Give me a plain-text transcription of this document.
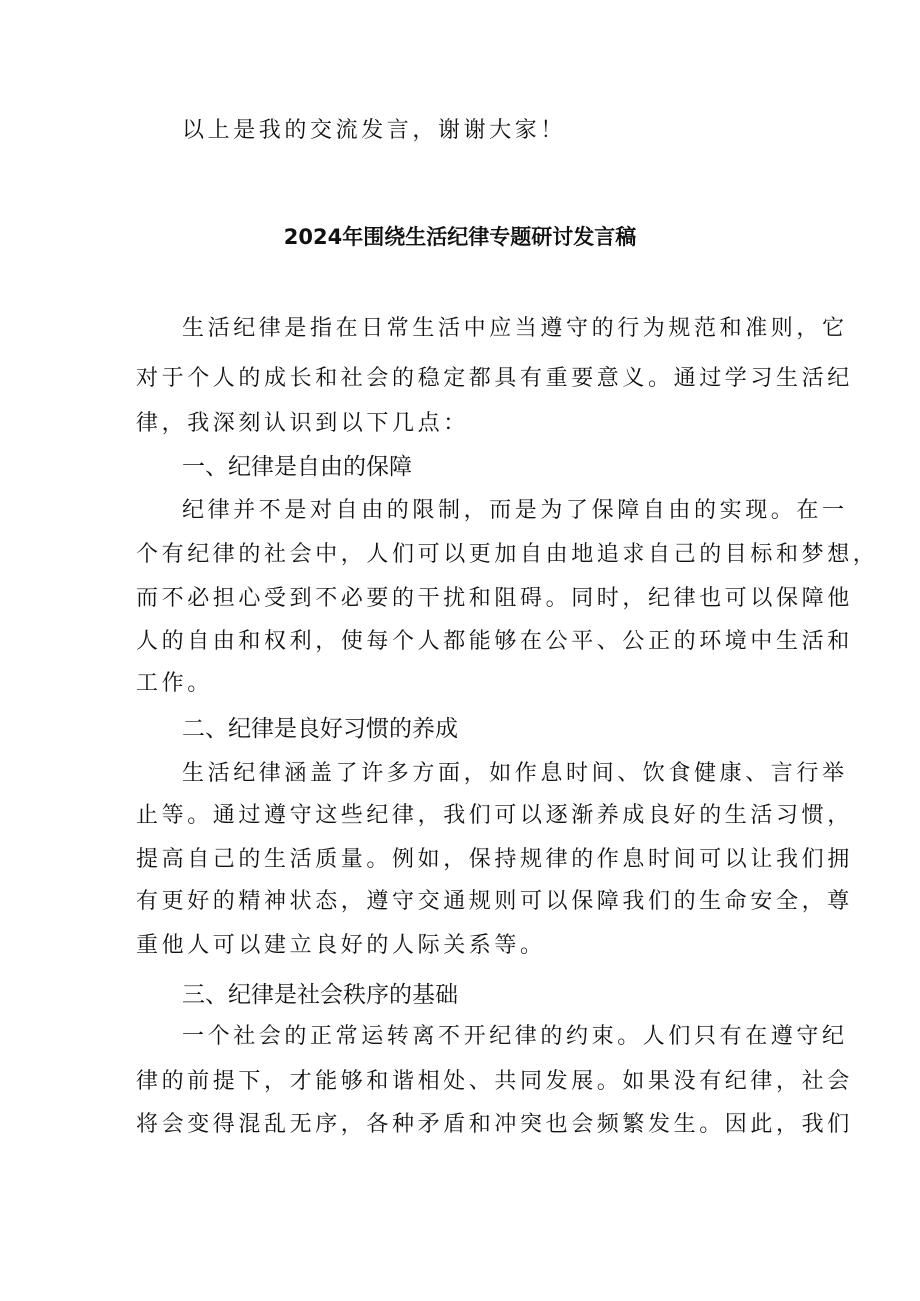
以上是我的交流发言，谢谢大家！
2024年围绕生活纪律专题研讨发言稿
生活纪律是指在日常生活中应当遵守的行为规范和准则，它
对于个人的成长和社会的稳定都具有重要意义。通过学习生活纪
律，我深刻认识到以下几点：
一、纪律是自由的保障
纪律并不是对自由的限制，而是为了保障自由的实现。在一
个有纪律的社会中，人们可以更加自由地追求自己的目标和梦想，
而不必担心受到不必要的干扰和阻碍。同时，纪律也可以保障他
人的自由和权利，使每个人都能够在公平、公正的环境中生活和
工作。
二、纪律是良好习惯的养成
生活纪律涵盖了许多方面，如作息时间、饮食健康、言行举
止等。通过遵守这些纪律，我们可以逐渐养成良好的生活习惯，
提高自己的生活质量。例如，保持规律的作息时间可以让我们拥
有更好的精神状态，遵守交通规则可以保障我们的生命安全，尊
重他人可以建立良好的人际关系等。
三、纪律是社会秩序的基础
一个社会的正常运转离不开纪律的约束。人们只有在遵守纪
律的前提下，才能够和谐相处、共同发展。如果没有纪律，社会
将会变得混乱无序，各种矛盾和冲突也会频繁发生。因此，我们
